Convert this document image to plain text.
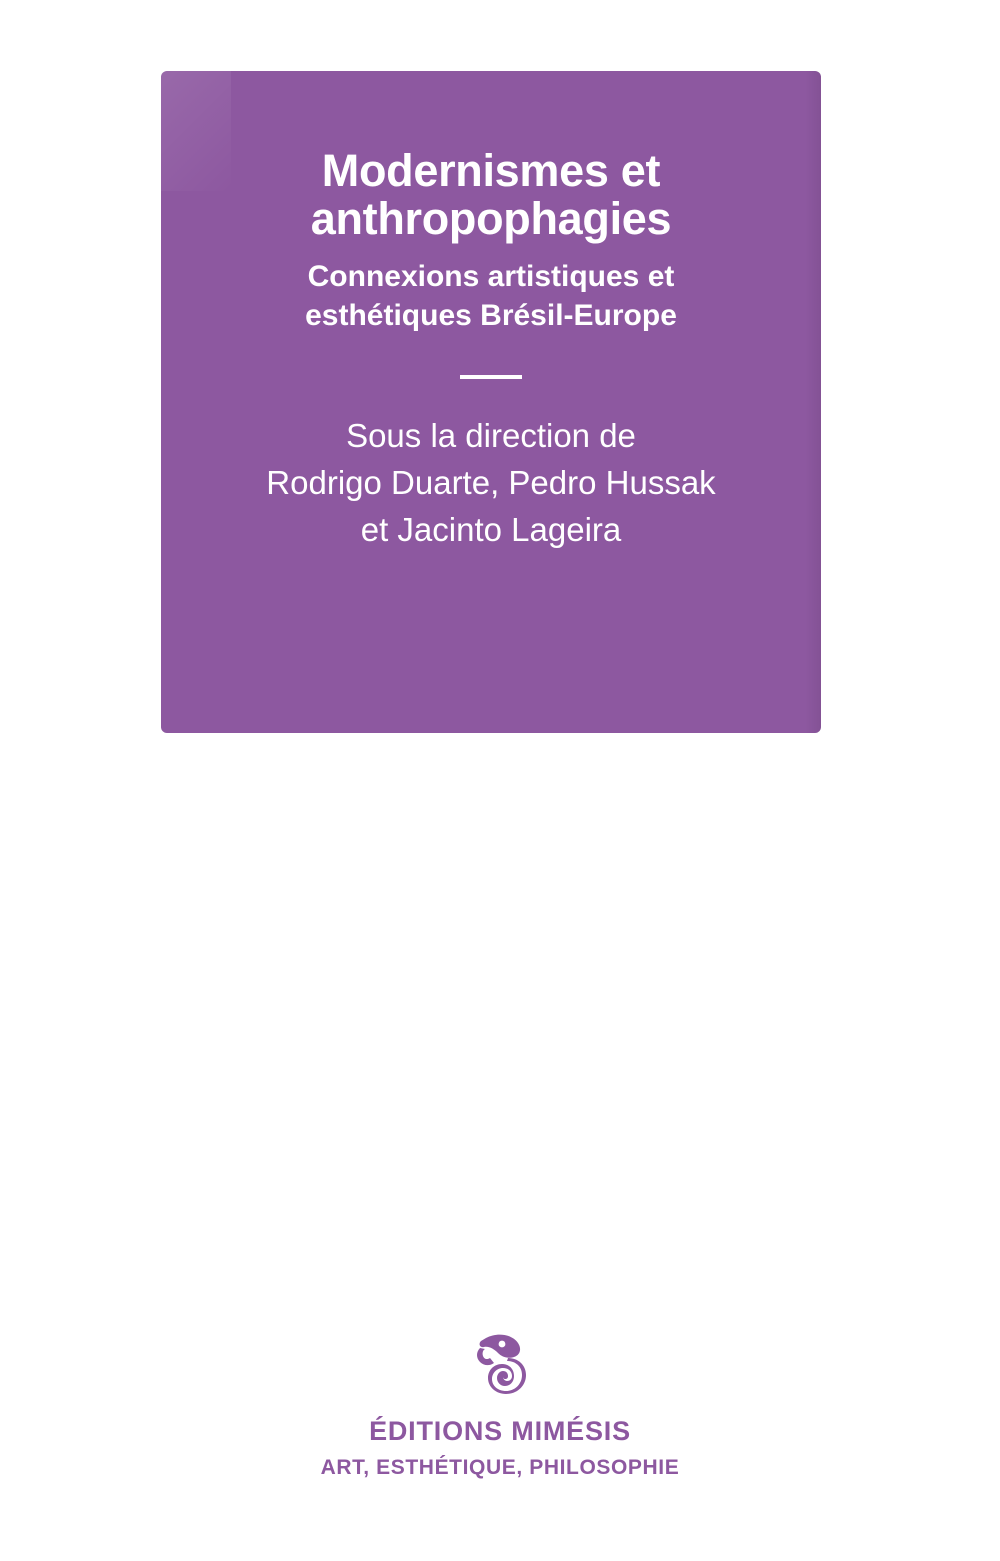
Modernismes et
anthropophagies
Connexions artistiques et
esthétiques Brésil-Europe
Sous la direction de
Rodrigo Duarte, Pedro Hussak
et Jacinto Lageira

ÉDITIONS MIMÉSIS

ART, ESTHÉTIQUE, PHILOSOPHIE
